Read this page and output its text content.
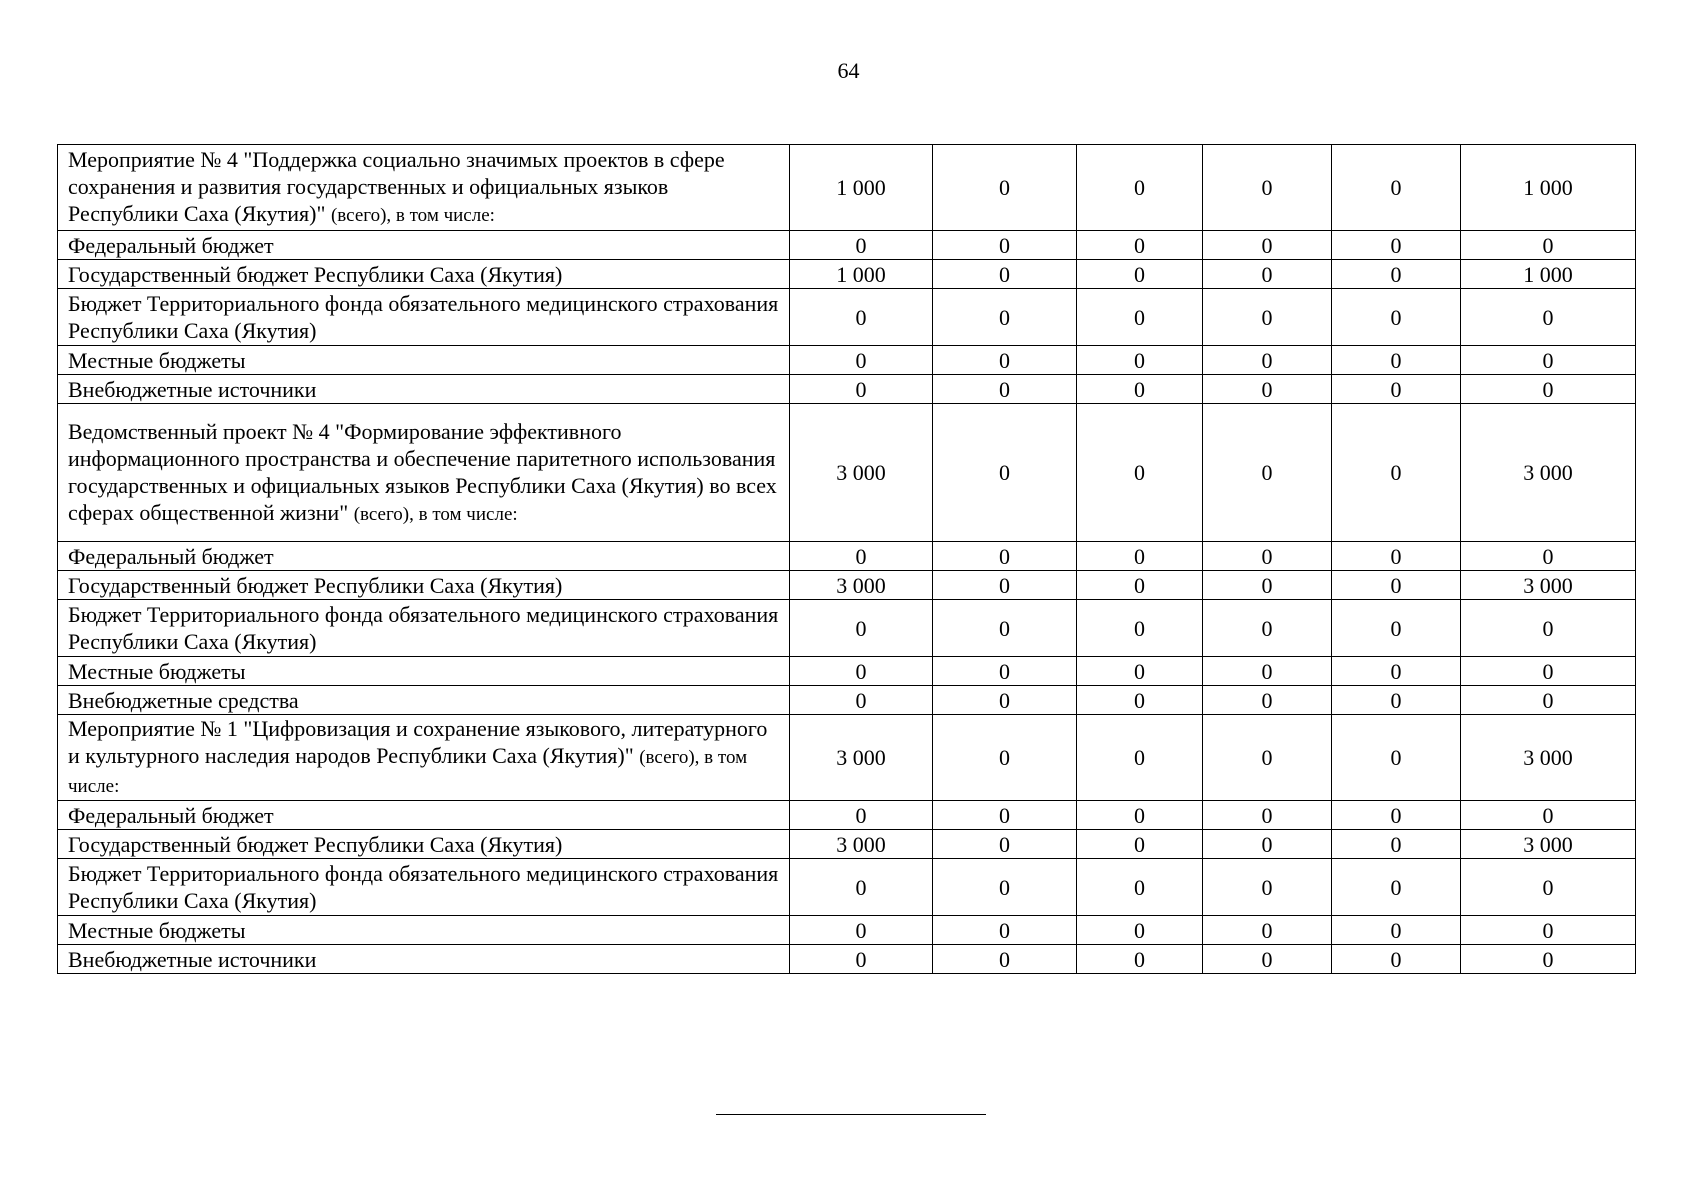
64
Мероприятие № 4 "Поддержка социально значимых проектов в сфере сохранения и развития государственных и официальных языков Республики Саха (Якутия)" (всего), в том числе:	1 000	0	0	0	0	1 000
Федеральный бюджет	0	0	0	0	0	0
Государственный бюджет Республики Саха (Якутия)	1 000	0	0	0	0	1 000
Бюджет Территориального фонда обязательного медицинского страхования Республики Саха (Якутия)	0	0	0	0	0	0
Местные бюджеты	0	0	0	0	0	0
Внебюджетные источники	0	0	0	0	0	0
Ведомственный проект № 4 "Формирование эффективного информационного пространства и обеспечение паритетного использования государственных и официальных языков Республики Саха (Якутия) во всех сферах общественной жизни" (всего), в том числе:	3 000	0	0	0	0	3 000
Федеральный бюджет	0	0	0	0	0	0
Государственный бюджет Республики Саха (Якутия)	3 000	0	0	0	0	3 000
Бюджет Территориального фонда обязательного медицинского страхования Республики Саха (Якутия)	0	0	0	0	0	0
Местные бюджеты	0	0	0	0	0	0
Внебюджетные средства	0	0	0	0	0	0
Мероприятие № 1 "Цифровизация и сохранение языкового, литературного и культурного наследия народов Республики Саха (Якутия)" (всего), в том числе:	3 000	0	0	0	0	3 000
Федеральный бюджет	0	0	0	0	0	0
Государственный бюджет Республики Саха (Якутия)	3 000	0	0	0	0	3 000
Бюджет Территориального фонда обязательного медицинского страхования Республики Саха (Якутия)	0	0	0	0	0	0
Местные бюджеты	0	0	0	0	0	0
Внебюджетные источники	0	0	0	0	0	0
